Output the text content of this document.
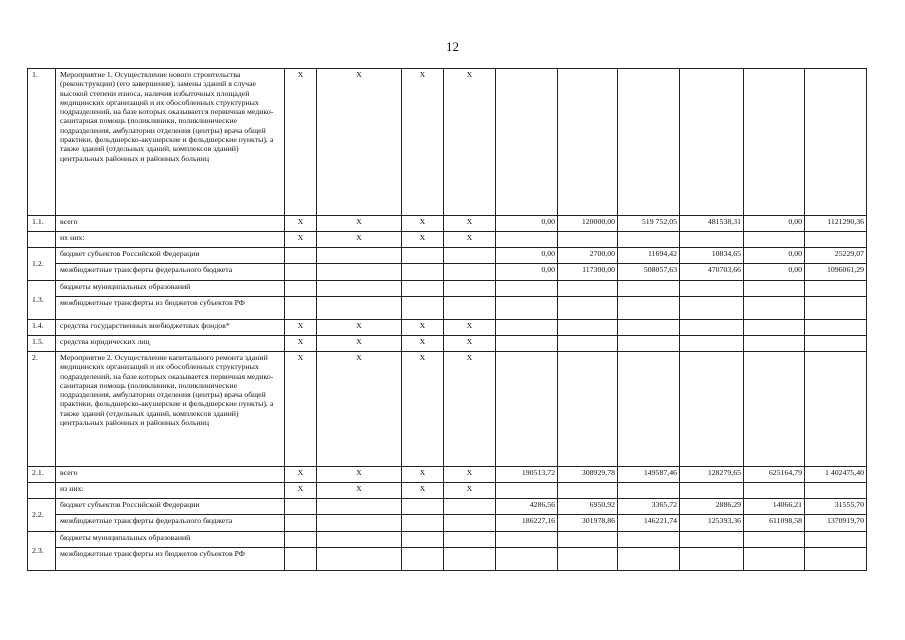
12
1.	Мероприятие 1. Осуществление нового строительства (реконструкции) (его завершение), замены зданий в случае высокой степени износа, наличия избыточных площадей медицинских организаций и их обособленных структурных подразделений, на базе которых оказывается первичная медико-санитарная помощь (поликлиники, поликлинические подразделения, амбулатории отделения (центры) врача общей практики, фельдшерско-акушерские и фельдшерские пункты), а также зданий (отдельных зданий, комплексов зданий) центральных районных и районных больниц	X	X	X	X						
1.1.	всего	X	X	X	X	0,00	120000,00	519 752,05	481538,31	0,00	1121290,36
	их них:	X	X	X	X						
1.2.	бюджет субъектов Российской Федерации					0,00	2700,00	11694,42	10834,65	0,00	25229,07
	межбюджетные трансферты федерального бюджета					0,00	117300,00	508057,63	470703,66	0,00	1096061,29
1.3.	бюджеты муниципальных образований										
	межбюджетные трансферты из бюджетов субъектов РФ										
1.4.	средства государственных внебюджетных фондов*	X	X	X	X						
1.5.	средства юридических лиц	X	X	X	X						
2.	Мероприятие 2. Осуществление капитального ремонта зданий медицинских организаций и их обособленных структурных подразделений, на базе которых оказывается первичная медико-санитарная помощь (поликлиники, поликлинические подразделения, амбулатории отделения (центры) врача общей практики, фельдшерско-акушерские и фельдшерские пункты), а также зданий (отдельных зданий, комплексов зданий) центральных районных и районных больниц	X	X	X	X						
2.1.	всего	X	X	X	X	190513,72	308929,78	149587,46	128279,65	625164,79	1 402475,40
	из них:	X	X	X	X						
2.2.	бюджет субъектов Российской Федерации					4286,56	6950,92	3365,72	2886,29	14066,21	31555,70
	межбюджетные трансферты федерального бюджета					186227,16	301978,86	146221,74	125393,36	611098,58	1370919,70
2.3.	бюджеты муниципальных образований										
	межбюджетные трансферты из бюджетов субъектов РФ										
